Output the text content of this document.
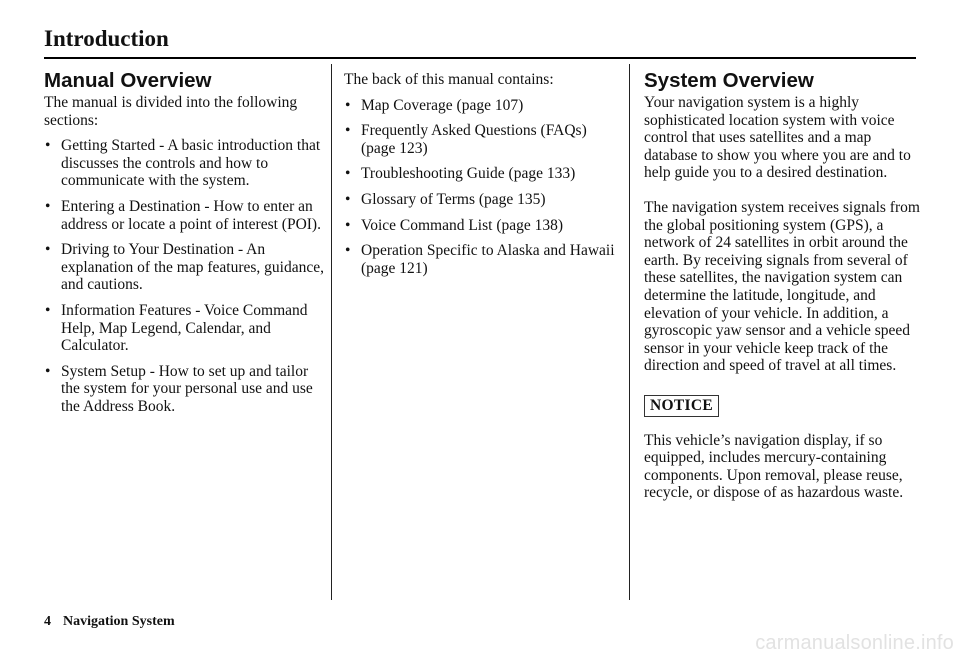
Introduction
Manual Overview
The manual is divided into the following sections:
• Getting Started - A basic introduction that discusses the controls and how to communicate with the system.
• Entering a Destination - How to enter an address or locate a point of interest (POI).
• Driving to Your Destination - An explanation of the map features, guidance, and cautions.
• Information Features - Voice Command Help, Map Legend, Calendar, and Calculator.
• System Setup - How to set up and tailor the system for your personal use and use the Address Book.

The back of this manual contains:

• Map Coverage (page 107)
• Frequently Asked Questions (FAQs) (page 123)
• Troubleshooting Guide (page 133)
• Glossary of Terms (page 135)
• Voice Command List (page 138)
• Operation Specific to Alaska and Hawaii (page 121)
System Overview

Your navigation system is a highly sophisticated location system with voice control that uses satellites and a map database to show you where you are and to help guide you to a desired destination.

The navigation system receives signals from the global positioning system (GPS), a network of 24 satellites in orbit around the earth. By receiving signals from several of these satellites, the navigation system can determine the latitude, longitude, and elevation of your vehicle. In addition, a gyroscopic yaw sensor and a vehicle speed sensor in your vehicle keep track of the direction and speed of travel at all times.

NOTICE

This vehicle’s navigation display, if so equipped, includes mercury-containing components. Upon removal, please reuse, recycle, or dispose of as hazardous waste.

4 Navigation System
carmanualsonline.info
